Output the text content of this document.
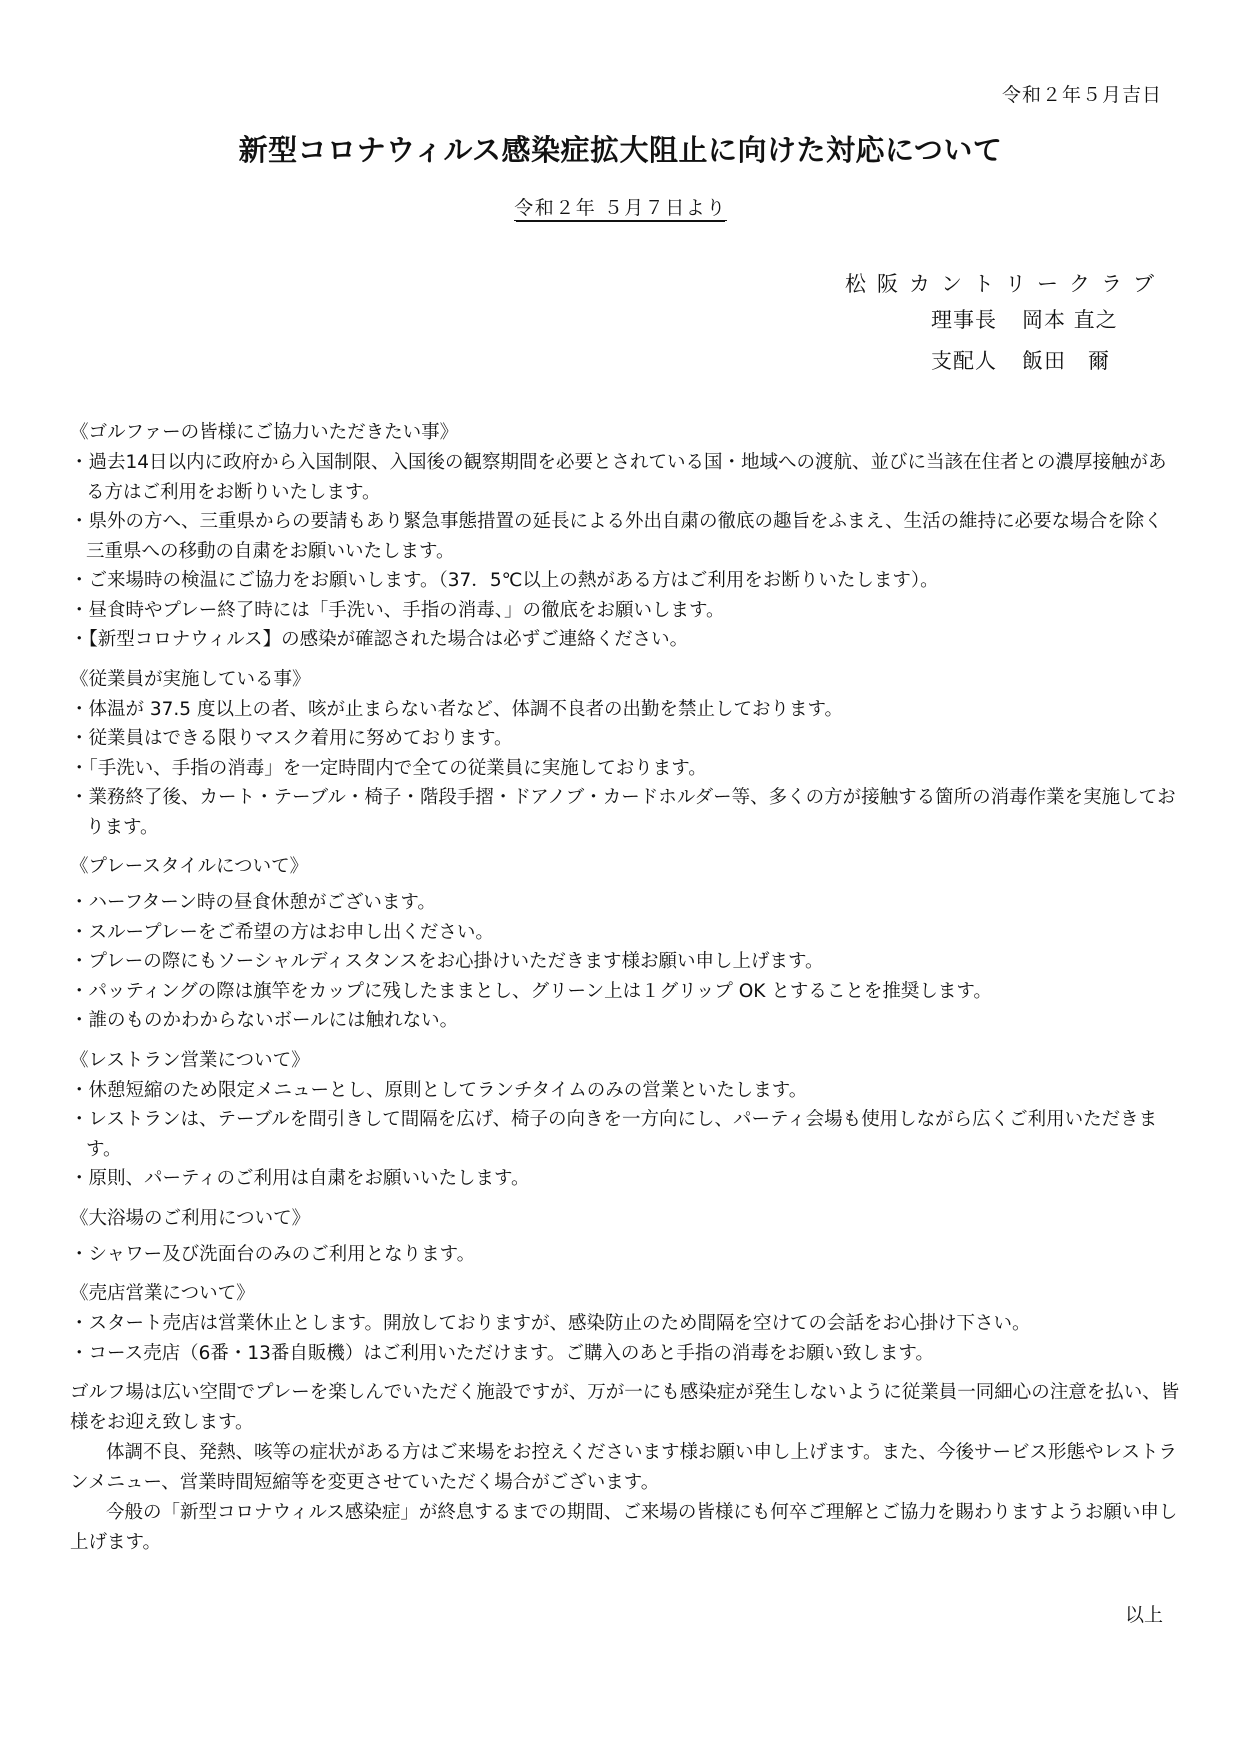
令和２年５月吉日
新型コロナウィルス感染症拡大阻止に向けた対応について
令和２年 ５月７日より
松阪カントリークラブ
理事長 岡本 直之
支配人 飯田　爾
《ゴルファーの皆様にご協力いただきたい事》
・過去14日以内に政府から入国制限、入国後の観察期間を必要とされている国・地域への渡航、並びに当該在住者との濃厚接触がある方はご利用をお断りいたします。
・県外の方へ、三重県からの要請もあり緊急事態措置の延長による外出自粛の徹底の趣旨をふまえ、生活の維持に必要な場合を除く三重県への移動の自粛をお願いいたします。
・ご来場時の検温にご協力をお願いします。（37．5℃以上の熱がある方はご利用をお断りいたします）。
・昼食時やプレー終了時には「手洗い、手指の消毒、」の徹底をお願いします。
・【新型コロナウィルス】の感染が確認された場合は必ずご連絡ください。
《従業員が実施している事》
・体温が 37.5 度以上の者、咳が止まらない者など、体調不良者の出勤を禁止しております。
・従業員はできる限りマスク着用に努めております。
・「手洗い、手指の消毒」を一定時間内で全ての従業員に実施しております。
・業務終了後、カート・テーブル・椅子・階段手摺・ドアノブ・カードホルダー等、多くの方が接触する箇所の消毒作業を実施しております。
《プレースタイルについて》
・ハーフターン時の昼食休憩がございます。
・スループレーをご希望の方はお申し出ください。
・プレーの際にもソーシャルディスタンスをお心掛けいただきます様お願い申し上げます。
・パッティングの際は旗竿をカップに残したままとし、グリーン上は１グリップ OK とすることを推奨します。
・誰のものかわからないボールには触れない。
《レストラン営業について》
・休憩短縮のため限定メニューとし、原則としてランチタイムのみの営業といたします。
・レストランは、テーブルを間引きして間隔を広げ、椅子の向きを一方向にし、パーティ会場も使用しながら広くご利用いただきます。
・原則、パーティのご利用は自粛をお願いいたします。
《大浴場のご利用について》
・シャワー及び洗面台のみのご利用となります。
《売店営業について》
・スタート売店は営業休止とします。開放しておりますが、感染防止のため間隔を空けての会話をお心掛け下さい。
・コース売店（6番・13番自販機）はご利用いただけます。ご購入のあと手指の消毒をお願い致します。

ゴルフ場は広い空間でプレーを楽しんでいただく施設ですが、万が一にも感染症が発生しないように従業員一同細心の注意を払い、皆様をお迎え致します。

体調不良、発熱、咳等の症状がある方はご来場をお控えくださいます様お願い申し上げます。また、今後サービス形態やレストランメニュー、営業時間短縮等を変更させていただく場合がございます。

今般の「新型コロナウィルス感染症」が終息するまでの期間、ご来場の皆様にも何卒ご理解とご協力を賜わりますようお願い申し上げます。

以上
